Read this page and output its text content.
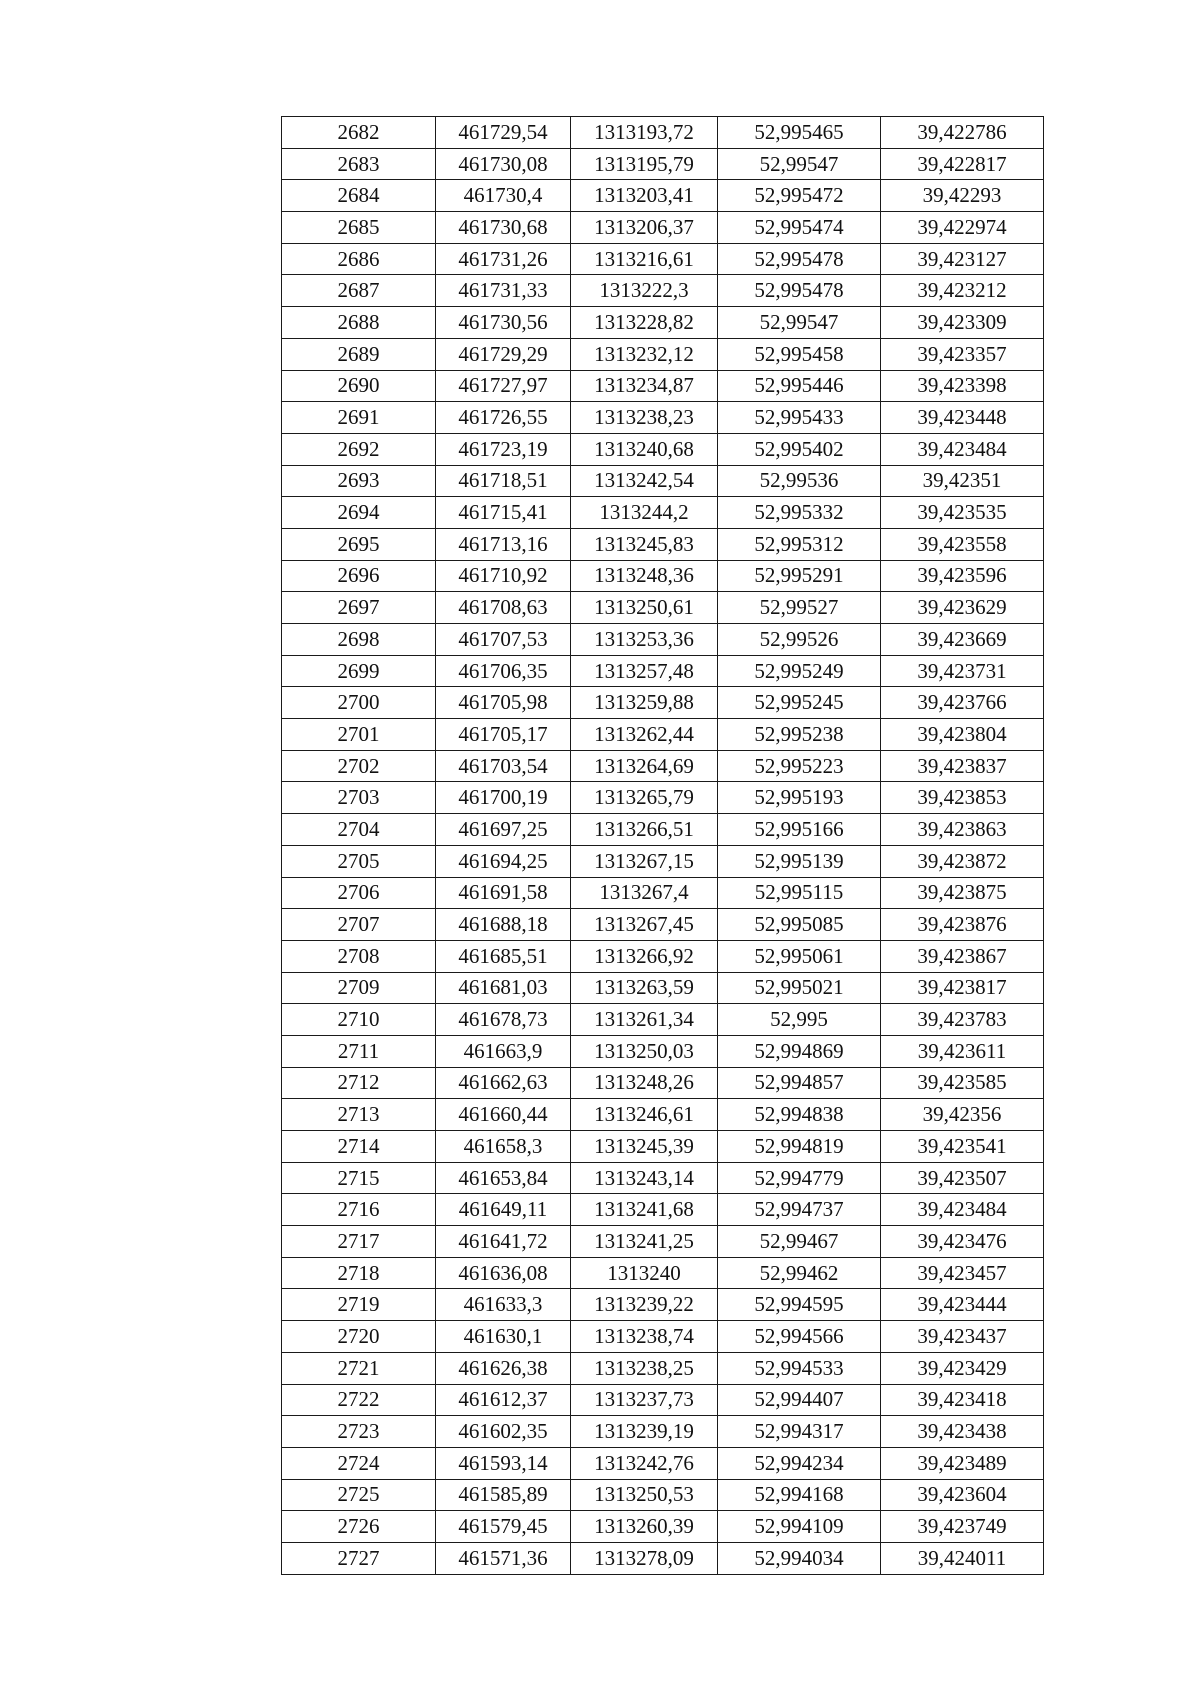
2682	461729,54	1313193,72	52,995465	39,422786
2683	461730,08	1313195,79	52,99547	39,422817
2684	461730,4	1313203,41	52,995472	39,42293
2685	461730,68	1313206,37	52,995474	39,422974
2686	461731,26	1313216,61	52,995478	39,423127
2687	461731,33	1313222,3	52,995478	39,423212
2688	461730,56	1313228,82	52,99547	39,423309
2689	461729,29	1313232,12	52,995458	39,423357
2690	461727,97	1313234,87	52,995446	39,423398
2691	461726,55	1313238,23	52,995433	39,423448
2692	461723,19	1313240,68	52,995402	39,423484
2693	461718,51	1313242,54	52,99536	39,42351
2694	461715,41	1313244,2	52,995332	39,423535
2695	461713,16	1313245,83	52,995312	39,423558
2696	461710,92	1313248,36	52,995291	39,423596
2697	461708,63	1313250,61	52,99527	39,423629
2698	461707,53	1313253,36	52,99526	39,423669
2699	461706,35	1313257,48	52,995249	39,423731
2700	461705,98	1313259,88	52,995245	39,423766
2701	461705,17	1313262,44	52,995238	39,423804
2702	461703,54	1313264,69	52,995223	39,423837
2703	461700,19	1313265,79	52,995193	39,423853
2704	461697,25	1313266,51	52,995166	39,423863
2705	461694,25	1313267,15	52,995139	39,423872
2706	461691,58	1313267,4	52,995115	39,423875
2707	461688,18	1313267,45	52,995085	39,423876
2708	461685,51	1313266,92	52,995061	39,423867
2709	461681,03	1313263,59	52,995021	39,423817
2710	461678,73	1313261,34	52,995	39,423783
2711	461663,9	1313250,03	52,994869	39,423611
2712	461662,63	1313248,26	52,994857	39,423585
2713	461660,44	1313246,61	52,994838	39,42356
2714	461658,3	1313245,39	52,994819	39,423541
2715	461653,84	1313243,14	52,994779	39,423507
2716	461649,11	1313241,68	52,994737	39,423484
2717	461641,72	1313241,25	52,99467	39,423476
2718	461636,08	1313240	52,99462	39,423457
2719	461633,3	1313239,22	52,994595	39,423444
2720	461630,1	1313238,74	52,994566	39,423437
2721	461626,38	1313238,25	52,994533	39,423429
2722	461612,37	1313237,73	52,994407	39,423418
2723	461602,35	1313239,19	52,994317	39,423438
2724	461593,14	1313242,76	52,994234	39,423489
2725	461585,89	1313250,53	52,994168	39,423604
2726	461579,45	1313260,39	52,994109	39,423749
2727	461571,36	1313278,09	52,994034	39,424011
